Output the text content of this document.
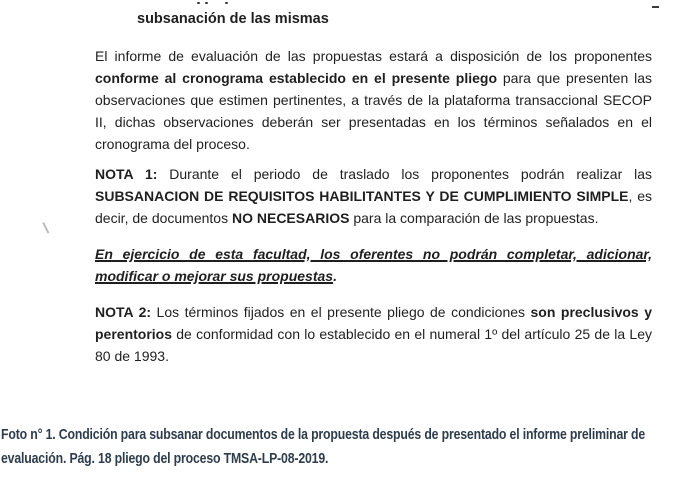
subsanación de las mismas

El informe de evaluación de las propuestas estará a disposición de los proponentes conforme al cronograma establecido en el presente pliego para que presenten las observaciones que estimen pertinentes, a través de la plataforma transaccional SECOP II, dichas observaciones deberán ser presentadas en los términos señalados en el cronograma del proceso.

NOTA 1: Durante el periodo de traslado los proponentes podrán realizar las SUBSANACION DE REQUISITOS HABILITANTES Y DE CUMPLIMIENTO SIMPLE, es decir, de documentos NO NECESARIOS para la comparación de las propuestas.

En ejercicio de esta facultad, los oferentes no podrán completar, adicionar, modificar o mejorar sus propuestas.

NOTA 2: Los términos fijados en el presente pliego de condiciones son preclusivos y perentorios de conformidad con lo establecido en el numeral 1º del artículo 25 de la Ley 80 de 1993.

Foto n° 1. Condición para subsanar documentos de la propuesta después de presentado el informe preliminar de
evaluación. Pág. 18 pliego del proceso TMSA-LP-08-2019.
